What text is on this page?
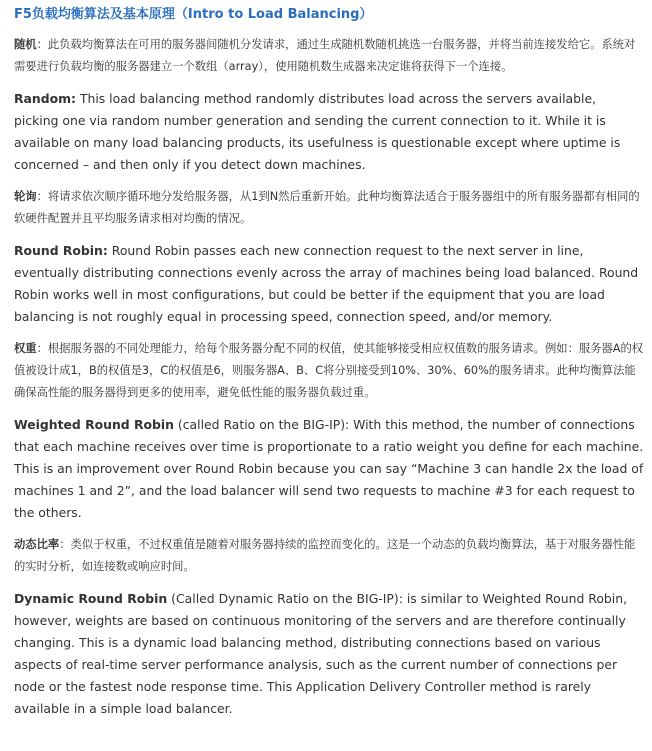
F5负载均衡算法及基本原理（Intro to Load Balancing）

随机：此负载均衡算法在可用的服务器间随机分发请求，通过生成随机数随机挑选一台服务器，并将当前连接发给它。系统对需要进行负载均衡的服务器建立一个数组（array），使用随机数生成器来决定谁将获得下一个连接。

Random: This load balancing method randomly distributes load across the servers available, picking one via random number generation and sending the current connection to it. While it is available on many load balancing products, its usefulness is questionable except where uptime is concerned – and then only if you detect down machines.

轮询：将请求依次顺序循环地分发给服务器，从1到N然后重新开始。此种均衡算法适合于服务器组中的所有服务器都有相同的软硬件配置并且平均服务请求相对均衡的情况。

Round Robin: Round Robin passes each new connection request to the next server in line, eventually distributing connections evenly across the array of machines being load balanced. Round Robin works well in most configurations, but could be better if the equipment that you are load balancing is not roughly equal in processing speed, connection speed, and/or memory.

权重：根据服务器的不同处理能力，给每个服务器分配不同的权值，使其能够接受相应权值数的服务请求。例如：服务器A的权值被设计成1，B的权值是3，C的权值是6，则服务器A、B、C将分别接受到10%、30%、60%的服务请求。此种均衡算法能确保高性能的服务器得到更多的使用率，避免低性能的服务器负载过重。

Weighted Round Robin (called Ratio on the BIG-IP): With this method, the number of connections that each machine receives over time is proportionate to a ratio weight you define for each machine. This is an improvement over Round Robin because you can say “Machine 3 can handle 2x the load of machines 1 and 2”, and the load balancer will send two requests to machine #3 for each request to the others.

动态比率：类似于权重，不过权重值是随着对服务器持续的监控而变化的。这是一个动态的负载均衡算法，基于对服务器性能的实时分析，如连接数或响应时间。

Dynamic Round Robin (Called Dynamic Ratio on the BIG-IP): is similar to Weighted Round Robin, however, weights are based on continuous monitoring of the servers and are therefore continually changing. This is a dynamic load balancing method, distributing connections based on various aspects of real-time server performance analysis, such as the current number of connections per node or the fastest node response time. This Application Delivery Controller method is rarely available in a simple load balancer.
